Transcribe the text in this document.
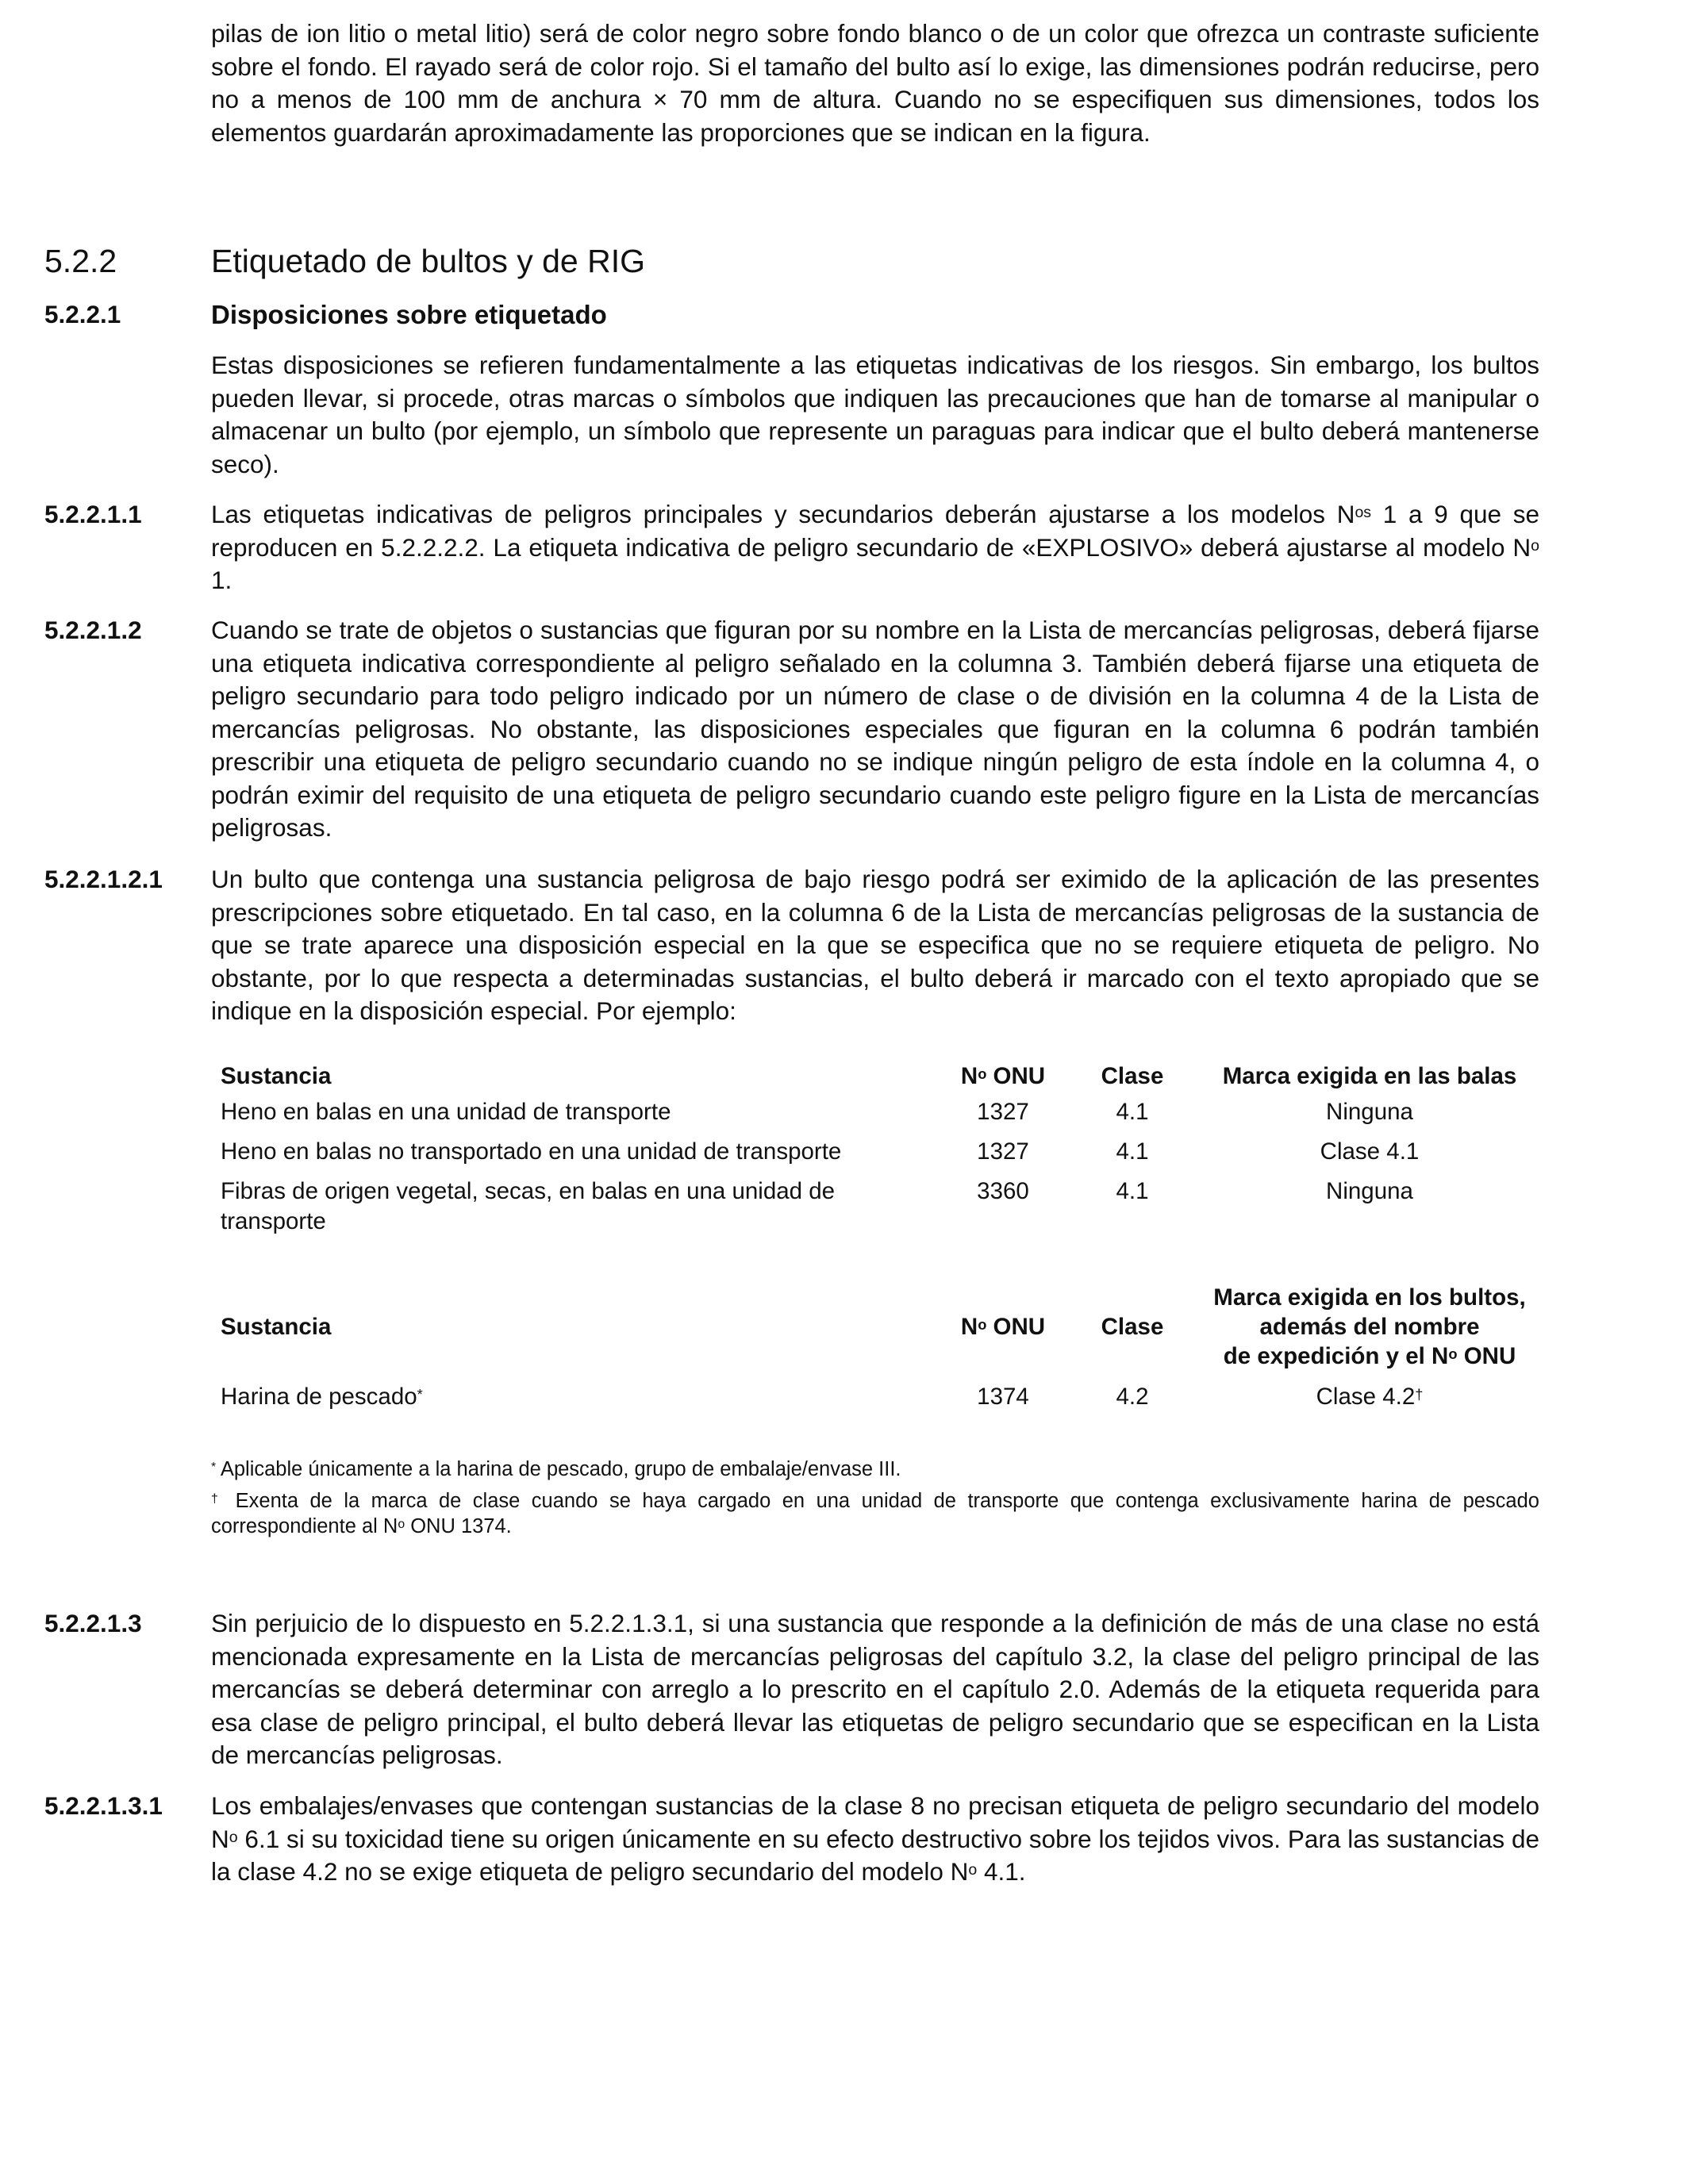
pilas de ion litio o metal litio) será de color negro sobre fondo blanco o de un color que ofrezca un contraste suficiente sobre el fondo. El rayado será de color rojo. Si el tamaño del bulto así lo exige, las dimensiones podrán reducirse, pero no a menos de 100 mm de anchura × 70 mm de altura. Cuando no se especifiquen sus dimensiones, todos los elementos guardarán aproximadamente las proporciones que se indican en la figura.

5.2.2	Etiquetado de bultos y de RIG
5.2.2.1	Disposiciones sobre etiquetado

Estas disposiciones se refieren fundamentalmente a las etiquetas indicativas de los riesgos. Sin embargo, los bultos pueden llevar, si procede, otras marcas o símbolos que indiquen las precauciones que han de tomarse al manipular o almacenar un bulto (por ejemplo, un símbolo que represente un paraguas para indicar que el bulto deberá mantenerse seco).

5.2.2.1.1	Las etiquetas indicativas de peligros principales y secundarios deberán ajustarse a los modelos $N^{os}$ 1 a 9 que se reproducen en 5.2.2.2.2. La etiqueta indicativa de peligro secundario de «EXPLOSIVO» deberá ajustarse al modelo $N^o$ 1.

5.2.2.1.2	Cuando se trate de objetos o sustancias que figuran por su nombre en la Lista de mercancías peligrosas, deberá fijarse una etiqueta indicativa correspondiente al peligro señalado en la columna 3. También deberá fijarse una etiqueta de peligro secundario para todo peligro indicado por un número de clase o de división en la columna 4 de la Lista de mercancías peligrosas. No obstante, las disposiciones especiales que figuran en la columna 6 podrán también prescribir una etiqueta de peligro secundario cuando no se indique ningún peligro de esta índole en la columna 4, o podrán eximir del requisito de una etiqueta de peligro secundario cuando este peligro figure en la Lista de mercancías peligrosas.

5.2.2.1.2.1 Un bulto que contenga una sustancia peligrosa de bajo riesgo podrá ser eximido de la aplicación de las presentes prescripciones sobre etiquetado. En tal caso, en la columna 6 de la Lista de mercancías peligrosas de la sustancia de que se trate aparece una disposición especial en la que se especifica que no se requiere etiqueta de peligro. No obstante, por lo que respecta a determinadas sustancias, el bulto deberá ir marcado con el texto apropiado que se indique en la disposición especial. Por ejemplo:

Sustancia	$N^o$ ONU	Clase	Marca exigida en las balas
Heno en balas en una unidad de transporte	1327	4.1	Ninguna
Heno en balas no transportado en una unidad de transporte	1327	4.1	Clase 4.1
Fibras de origen vegetal, secas, en balas en una unidad de transporte	3360	4.1	Ninguna
Sustancia	$N^o$ ONU	Clase	Marca exigida en los bultos,
además del nombre
de expedición y el $N^o$ ONU

Harina de pescado*	1374	4.2	Clase 4.2†

* Aplicable únicamente a la harina de pescado, grupo de embalaje/envase III.

† Exenta de la marca de clase cuando se haya cargado en una unidad de transporte que contenga exclusivamente harina de pescado correspondiente al $N^o$ ONU 1374.

5.2.2.1.3	Sin perjuicio de lo dispuesto en 5.2.2.1.3.1, si una sustancia que responde a la definición de más de una clase no está mencionada expresamente en la Lista de mercancías peligrosas del capítulo 3.2, la clase del peligro principal de las mercancías se deberá determinar con arreglo a lo prescrito en el capítulo 2.0. Además de la etiqueta requerida para esa clase de peligro principal, el bulto deberá llevar las etiquetas de peligro secundario que se especifican en la Lista de mercancías peligrosas.

5.2.2.1.3.1 Los embalajes/envases que contengan sustancias de la clase 8 no precisan etiqueta de peligro secundario del modelo $N^o$ 6.1 si su toxicidad tiene su origen únicamente en su efecto destructivo sobre los tejidos vivos. Para las sustancias de la clase 4.2 no se exige etiqueta de peligro secundario del modelo $N^o$ 4.1.
